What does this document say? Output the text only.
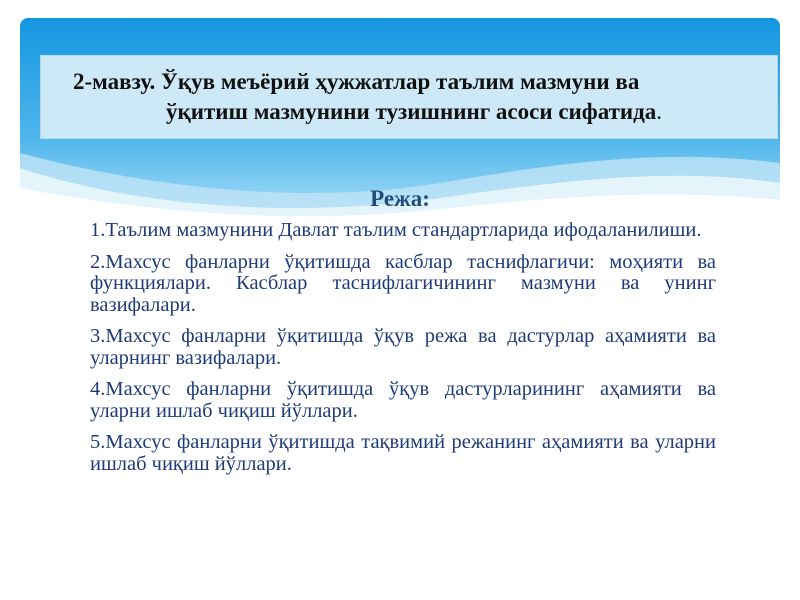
2-мавзу. Ўқув меъёрий ҳужжатлар таълим мазмуни ва
ўқитиш мазмунини тузишнинг асоси сифатида.
Режа:
1.Таълим мазмунини Давлат таълим стандартларида ифодаланилиши.
2.Махсус фанларни ўқитишда касблар таснифлагичи: моҳияти ва функциялари. Касблар таснифлагичининг мазмуни ва унинг вазифалари.
3.Махсус фанларни ўқитишда ўқув режа ва дастурлар аҳамияти ва уларнинг вазифалари.
4.Махсус фанларни ўқитишда ўқув дастурларининг аҳамияти ва уларни ишлаб чиқиш йўллари.
5.Махсус фанларни ўқитишда тақвимий режанинг аҳамияти ва уларни ишлаб чиқиш йўллари.
